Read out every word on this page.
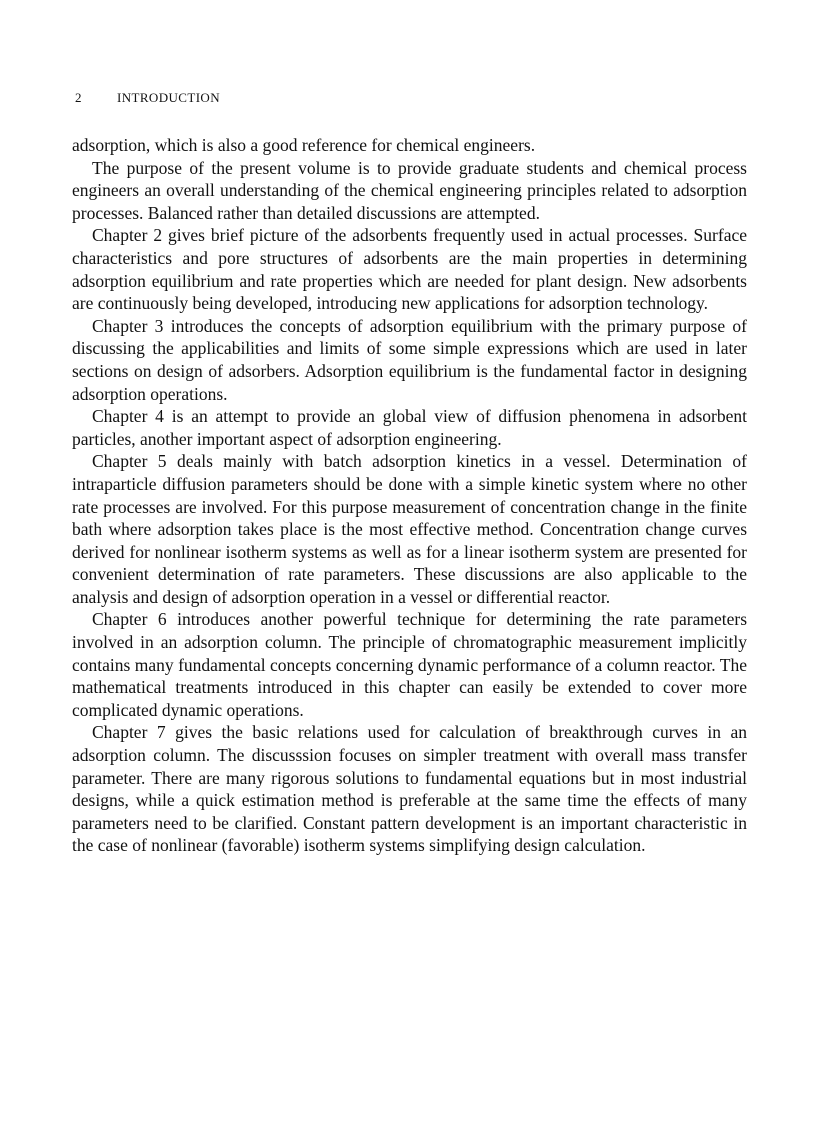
2	INTRODUCTION

adsorption, which is also a good reference for chemical engineers.

The purpose of the present volume is to provide graduate students and chemical process engineers an overall understanding of the chemical engineering principles related to adsorption processes. Balanced rather than detailed discussions are attempted.

Chapter 2 gives brief picture of the adsorbents frequently used in actual processes. Surface characteristics and pore structures of adsorbents are the main properties in determining adsorption equilibrium and rate properties which are needed for plant design. New adsorbents are continuously being developed, introducing new applications for adsorption technology.

Chapter 3 introduces the concepts of adsorption equilibrium with the primary purpose of discussing the applicabilities and limits of some simple expressions which are used in later sections on design of adsorbers. Adsorption equilibrium is the fundamental factor in designing adsorption operations.

Chapter 4 is an attempt to provide an global view of diffusion phenomena in adsorbent particles, another important aspect of adsorption engineering.

Chapter 5 deals mainly with batch adsorption kinetics in a vessel. Determination of intraparticle diffusion parameters should be done with a simple kinetic system where no other rate processes are involved. For this purpose measurement of concentration change in the finite bath where adsorption takes place is the most effective method. Concentration change curves derived for nonlinear isotherm systems as well as for a linear isotherm system are presented for convenient determination of rate parameters. These discussions are also applicable to the analysis and design of adsorption operation in a vessel or differential reactor.

Chapter 6 introduces another powerful technique for determining the rate parameters involved in an adsorption column. The principle of chromatographic measurement implicitly contains many fundamental concepts concerning dynamic performance of a column reactor. The mathematical treatments introduced in this chapter can easily be extended to cover more complicated dynamic operations.

Chapter 7 gives the basic relations used for calculation of breakthrough curves in an adsorption column. The discusssion focuses on simpler treatment with overall mass transfer parameter. There are many rigorous solutions to fundamental equations but in most industrial designs, while a quick estimation method is preferable at the same time the effects of many parameters need to be clarified. Constant pattern development is an important characteristic in the case of nonlinear (favorable) isotherm systems simplifying design calculation.
